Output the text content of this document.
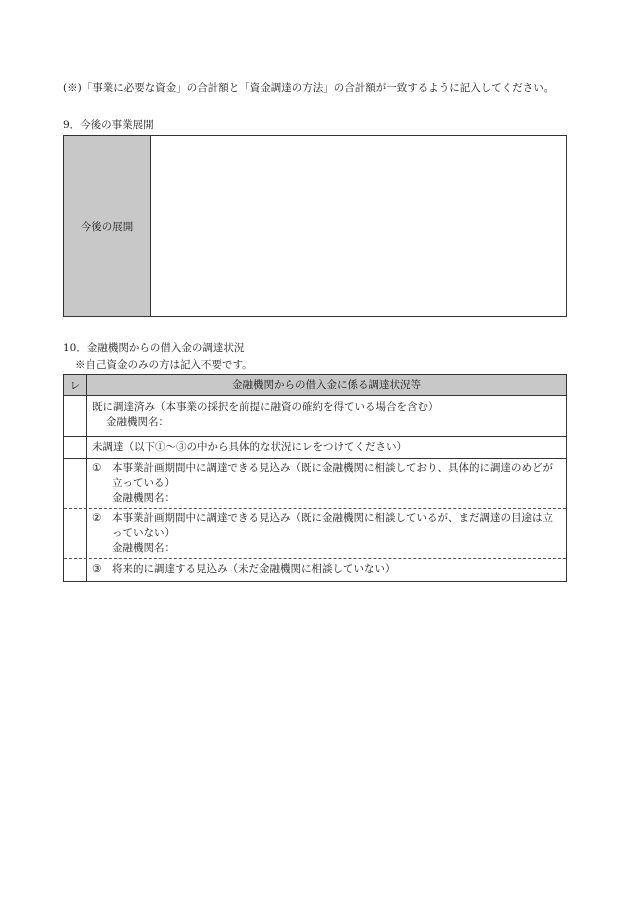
(※)「事業に必要な資金」の合計額と「資金調達の方法」の合計額が一致するように記入してください。
9．今後の事業展開
今後の展開
10．金融機関からの借入金の調達状況
※自己資金のみの方は記入不要です。
レ	金融機関からの借入金に係る調達状況等
既に調達済み（本事業の採択を前提に融資の確約を得ている場合を含む）
金融機関名：
未調達（以下①～③の中から具体的な状況にレをつけてください）
①	本事業計画期間中に調達できる見込み（既に金融機関に相談しており、具体的に調達のめどが立っている）
金融機関名：
②	本事業計画期間中に調達できる見込み（既に金融機関に相談しているが、まだ調達の目途は立っていない）
金融機関名：
③	将来的に調達する見込み（未だ金融機関に相談していない）
